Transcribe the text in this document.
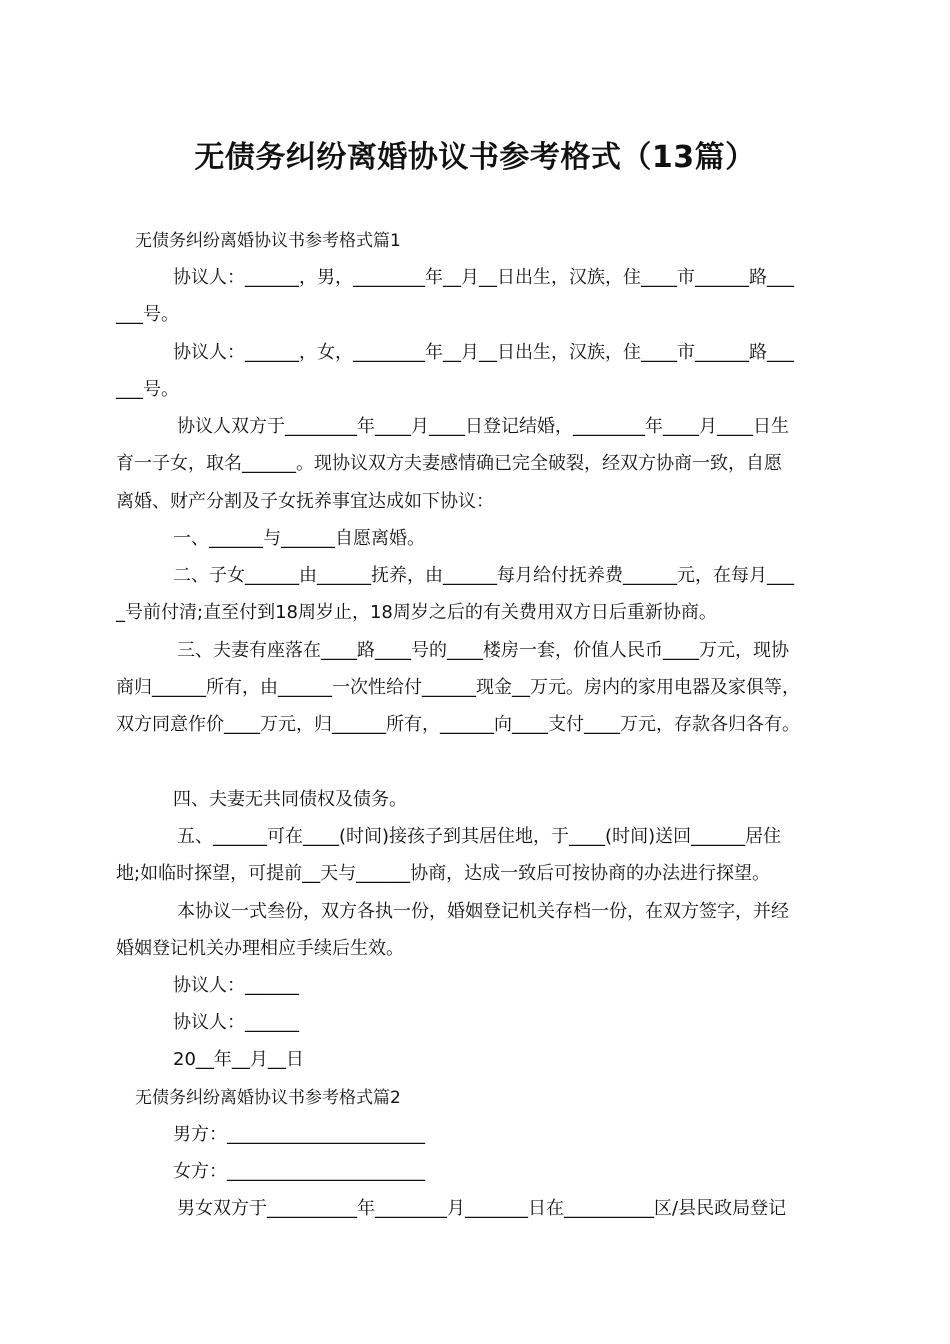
无债务纠纷离婚协议书参考格式（13篇）
无债务纠纷离婚协议书参考格式篇1
协议人：______，男，________年__月__日出生，汉族，住____市______路___
___号。
协议人：______，女，________年__月__日出生，汉族，住____市______路___
___号。
协议人双方于________年____月____日登记结婚，________年____月____日生
育一子女，取名______。现协议双方夫妻感情确已完全破裂，经双方协商一致，自愿
离婚、财产分割及子女抚养事宜达成如下协议：
一、______与______自愿离婚。
二、子女______由______抚养，由______每月给付抚养费______元，在每月___
_号前付清;直至付到18周岁止，18周岁之后的有关费用双方日后重新协商。
三、夫妻有座落在____路____号的____楼房一套，价值人民币____万元，现协
商归______所有，由______一次性给付______现金__万元。房内的家用电器及家俱等，
双方同意作价____万元，归______所有，______向____支付____万元，存款各归各有。
四、夫妻无共同债权及债务。
五、______可在____(时间)接孩子到其居住地，于____(时间)送回______居住
地;如临时探望，可提前__天与______协商，达成一致后可按协商的办法进行探望。
本协议一式叁份，双方各执一份，婚姻登记机关存档一份，在双方签字，并经
婚姻登记机关办理相应手续后生效。
协议人：______
协议人：______
20__年__月__日
无债务纠纷离婚协议书参考格式篇2
男方：______________________
女方：______________________
男女双方于__________年________月_______日在__________区/县民政局登记
